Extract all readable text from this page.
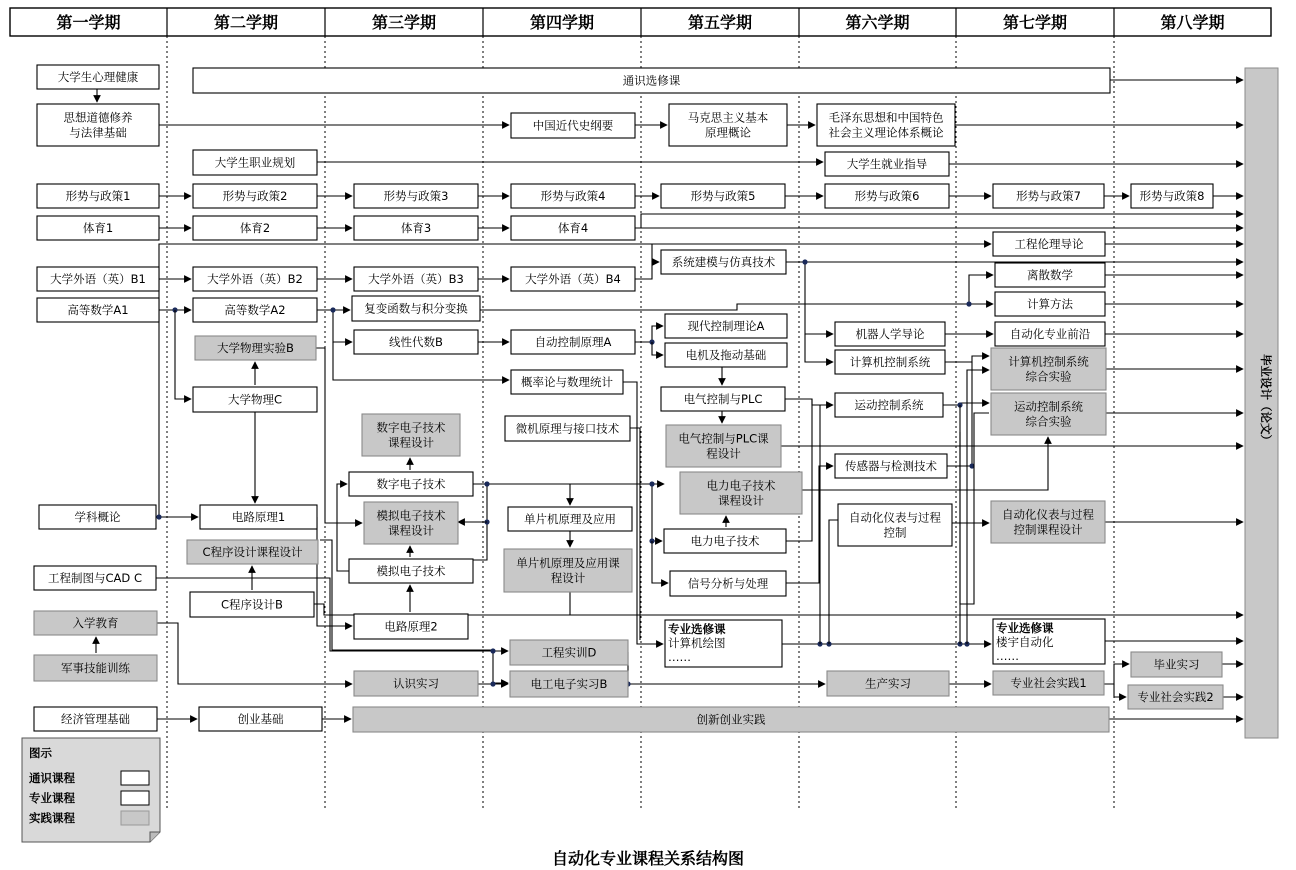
第一学期	第二学期	第三学期	第四学期	第五学期	第六学期	第七学期	第八学期
大学生心理健康
思想道德修养
与法律基础
形势与政策1
体育1
大学外语（英）B1
高等数学A1
学科概论
工程制图与CAD C
入学教育
军事技能训练
经济管理基础
通识选修课
大学生职业规划
形势与政策2
体育2
大学外语（英）B2
高等数学A2
大学物理实验B
大学物理C
电路原理1
C程序设计课程设计
C程序设计B
创业基础
形势与政策3
体育3
大学外语（英）B3
复变函数与积分变换
线性代数B
数字电子技术
课程设计
数字电子技术
模拟电子技术
课程设计
模拟电子技术
电路原理2
认识实习
中国近代史纲要
形势与政策4
体育4
大学外语（英）B4
自动控制原理A
概率论与数理统计
微机原理与接口技术
单片机原理及应用
单片机原理及应用课
程设计
工程实训D
电工电子实习B
马克思主义基本
原理概论
形势与政策5
系统建模与仿真技术
现代控制理论A
电机及拖动基础
电气控制与PLC
电气控制与PLC课
程设计
电力电子技术
课程设计
电力电子技术
信号分析与处理
专业选修课
计算机绘图
……
毛泽东思想和中国特色
社会主义理论体系概论
大学生就业指导
形势与政策6
机器人学导论
计算机控制系统
运动控制系统
传感器与检测技术
自动化仪表与过程
控制
生产实习
形势与政策7
工程伦理导论
离散数学
计算方法
自动化专业前沿
计算机控制系统
综合实验
运动控制系统
综合实验
自动化仪表与过程
控制课程设计
专业选修课
楼宇自动化
……
专业社会实践1
形势与政策8
毕业实习
专业社会实践2
创新创业实践
毕业设计（论文）
图示
通识课程
专业课程
实践课程
自动化专业课程关系结构图
